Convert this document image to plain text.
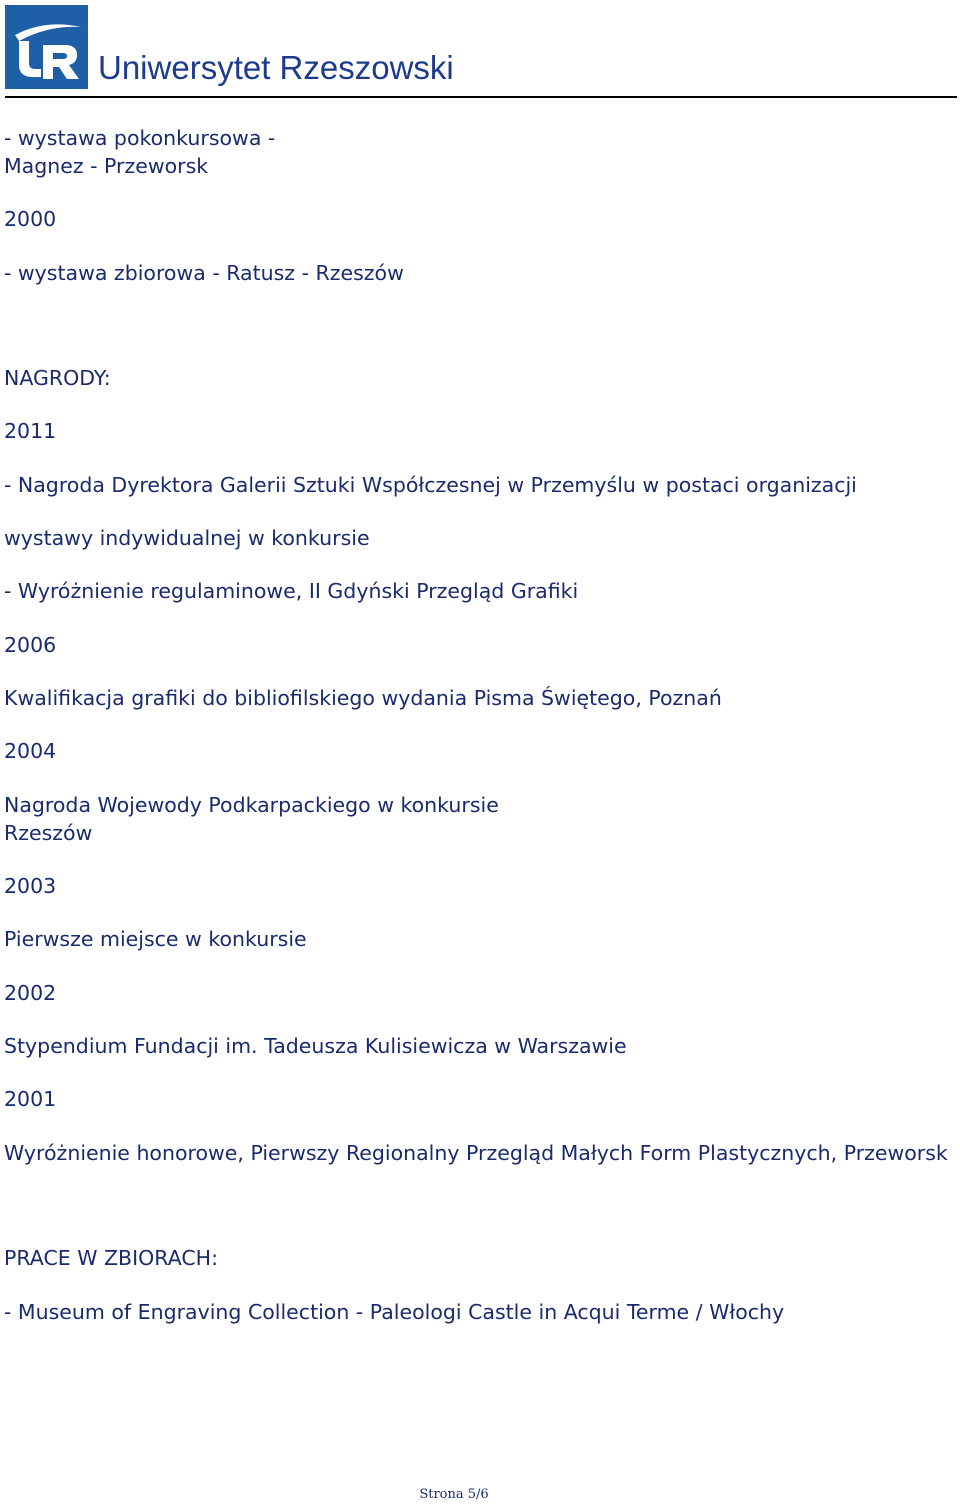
Uniwersytet Rzeszowski
- wystawa pokonkursowa -
Magnez - Przeworsk
2000
- wystawa zbiorowa - Ratusz - Rzeszów
NAGRODY:
2011
- Nagroda Dyrektora Galerii Sztuki Współczesnej w Przemyślu w postaci organizacji
wystawy indywidualnej w konkursie
- Wyróżnienie regulaminowe, II Gdyński Przegląd Grafiki
2006
Kwalifikacja grafiki do bibliofilskiego wydania Pisma Świętego, Poznań
2004
Nagroda Wojewody Podkarpackiego w konkursie
Rzeszów
2003
Pierwsze miejsce w konkursie
2002
Stypendium Fundacji im. Tadeusza Kulisiewicza w Warszawie
2001
Wyróżnienie honorowe, Pierwszy Regionalny Przegląd Małych Form Plastycznych, Przeworsk
PRACE W ZBIORACH:
- Museum of Engraving Collection - Paleologi Castle in Acqui Terme / Włochy
Strona 5/6
